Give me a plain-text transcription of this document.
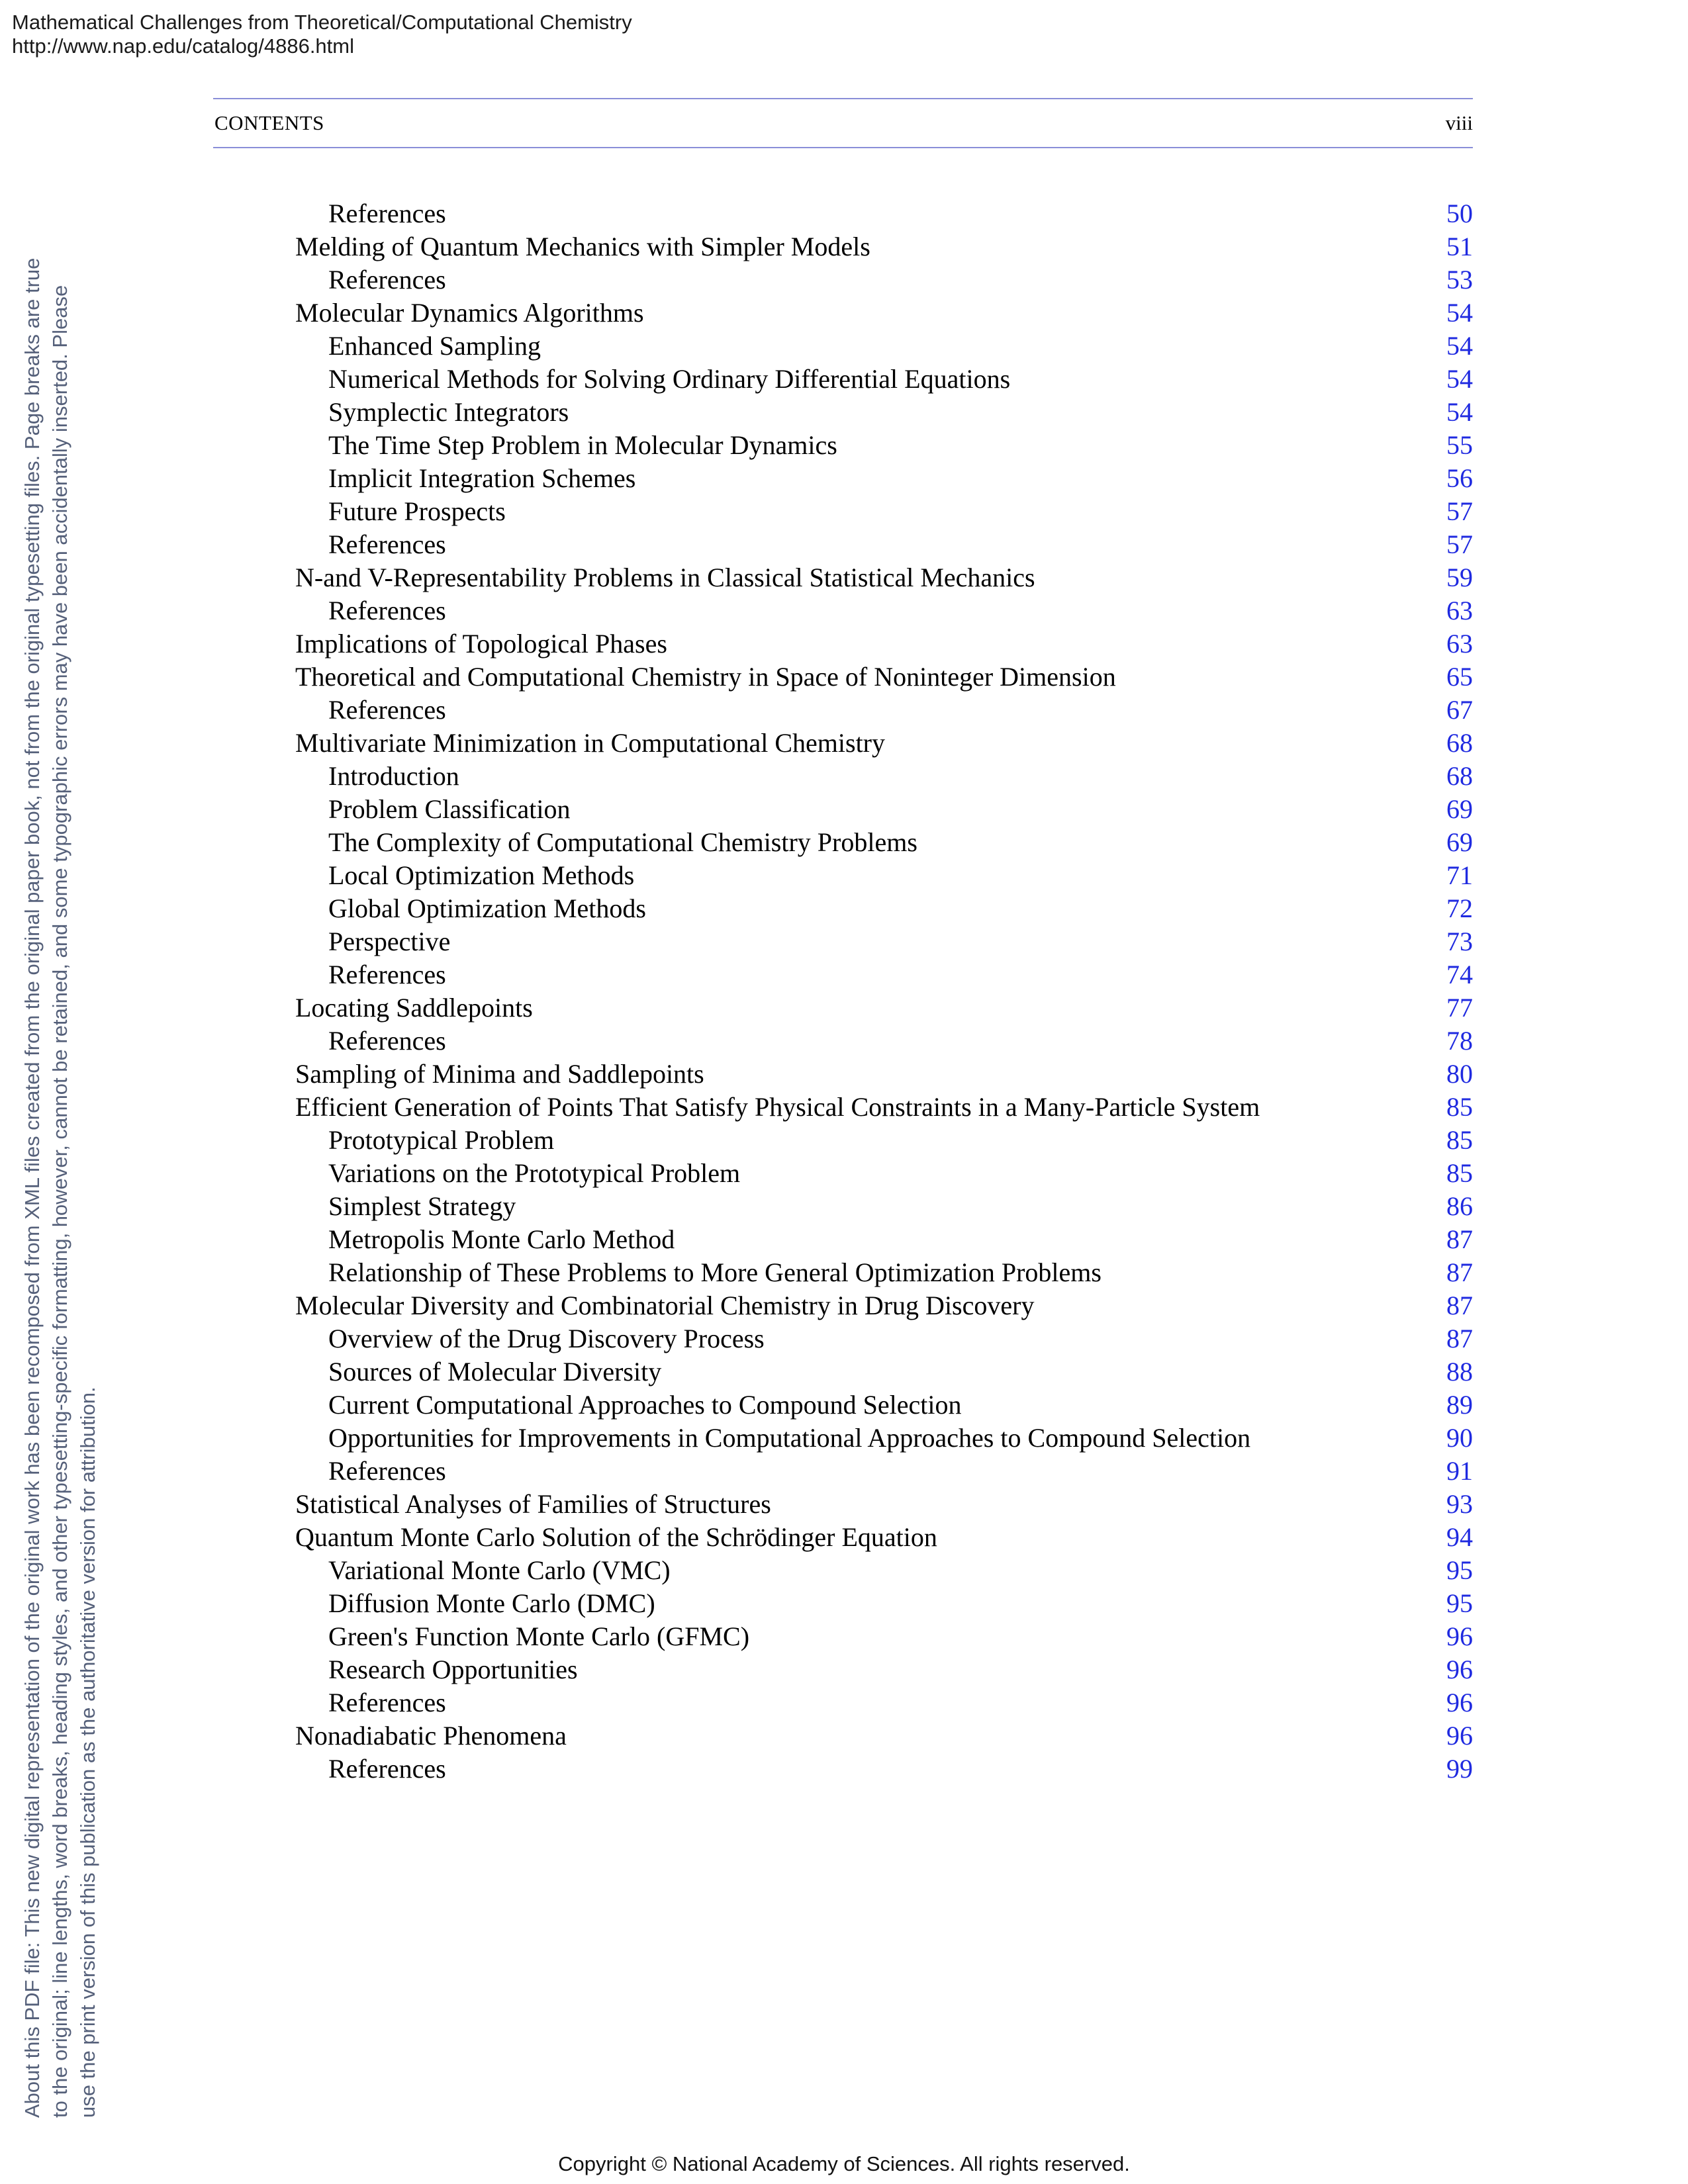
Mathematical Challenges from Theoretical/Computational Chemistry
http://www.nap.edu/catalog/4886.html
About this PDF file: This new digital representation of the original work has been recomposed from XML files created from the original paper book, not from the original typesetting files. Page breaks are true to the original; line lengths, word breaks, heading styles, and other typesetting-specific formatting, however, cannot be retained, and some typographic errors may have been accidentally inserted. Please use the print version of this publication as the authoritative version for attribution.
CONTENTS	viii
References	50
Melding of Quantum Mechanics with Simpler Models	51
References	53
Molecular Dynamics Algorithms	54
Enhanced Sampling	54
Numerical Methods for Solving Ordinary Differential Equations	54
Symplectic Integrators	54
The Time Step Problem in Molecular Dynamics	55
Implicit Integration Schemes	56
Future Prospects	57
References	57
N-and V-Representability Problems in Classical Statistical Mechanics	59
References	63
Implications of Topological Phases	63
Theoretical and Computational Chemistry in Space of Noninteger Dimension	65
References	67
Multivariate Minimization in Computational Chemistry	68
Introduction	68
Problem Classification	69
The Complexity of Computational Chemistry Problems	69
Local Optimization Methods	71
Global Optimization Methods	72
Perspective	73
References	74
Locating Saddlepoints	77
References	78
Sampling of Minima and Saddlepoints	80
Efficient Generation of Points That Satisfy Physical Constraints in a Many-Particle System	85
Prototypical Problem	85
Variations on the Prototypical Problem	85
Simplest Strategy	86
Metropolis Monte Carlo Method	87
Relationship of These Problems to More General Optimization Problems	87
Molecular Diversity and Combinatorial Chemistry in Drug Discovery	87
Overview of the Drug Discovery Process	87
Sources of Molecular Diversity	88
Current Computational Approaches to Compound Selection	89
Opportunities for Improvements in Computational Approaches to Compound Selection	90
References	91
Statistical Analyses of Families of Structures	93
Quantum Monte Carlo Solution of the Schrödinger Equation	94
Variational Monte Carlo (VMC)	95
Diffusion Monte Carlo (DMC)	95
Green's Function Monte Carlo (GFMC)	96
Research Opportunities	96
References	96
Nonadiabatic Phenomena	96
References	99
Copyright © National Academy of Sciences. All rights reserved.
